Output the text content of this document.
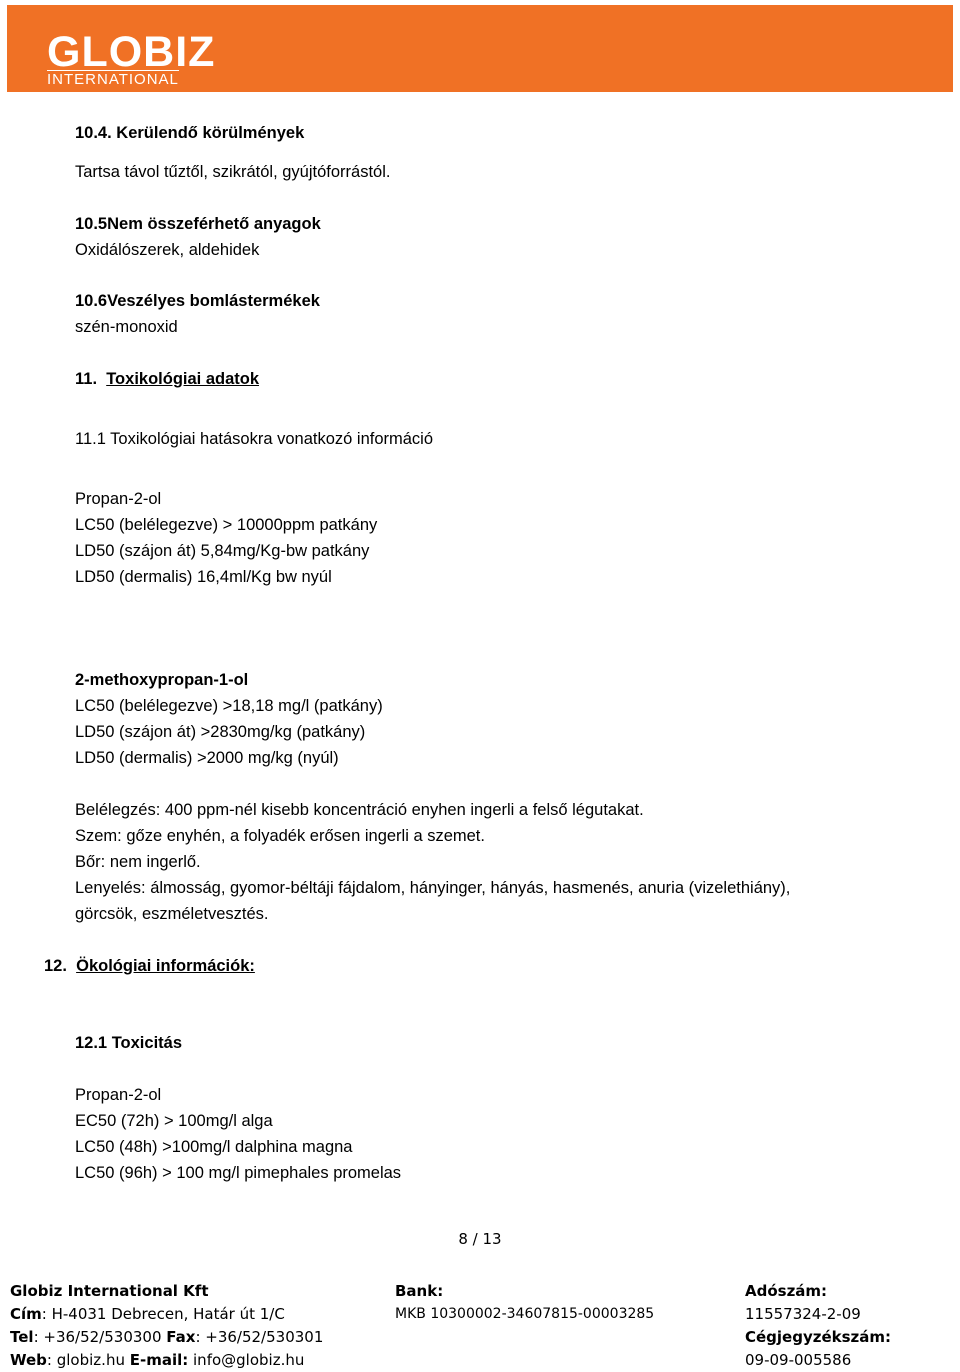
GLOBIZ
INTERNATIONAL
10.4. Kerülendő körülmények
Tartsa távol tűztől, szikrától, gyújtóforrástól.
10.5Nem összeférhető anyagok
Oxidálószerek, aldehidek
10.6Veszélyes bomlástermékek
szén-monoxid
11. Toxikológiai adatok
11.1 Toxikológiai hatásokra vonatkozó információ
Propan-2-ol
LC50 (belélegezve) > 10000ppm patkány
LD50 (szájon át) 5,84mg/Kg-bw patkány
LD50 (dermalis) 16,4ml/Kg bw nyúl
2-methoxypropan-1-ol
LC50 (belélegezve) >18,18 mg/l (patkány)
LD50 (szájon át) >2830mg/kg (patkány)
LD50 (dermalis) >2000 mg/kg (nyúl)
Belélegzés: 400 ppm-nél kisebb koncentráció enyhen ingerli a felső légutakat.
Szem: gőze enyhén, a folyadék erősen ingerli a szemet.
Bőr: nem ingerlő.
Lenyelés: álmosság, gyomor-béltáji fájdalom, hányinger, hányás, hasmenés, anuria (vizelethiány),
görcsök, eszméletvesztés.
12. Ökológiai információk:
12.1 Toxicitás
Propan-2-ol
EC50 (72h) > 100mg/l alga
LC50 (48h) >100mg/l dalphina magna
LC50 (96h) > 100 mg/l pimephales promelas
8 / 13
Globiz International Kft
Cím: H-4031 Debrecen, Határ út 1/C
Tel: +36/52/530300 Fax: +36/52/530301
Web: globiz.hu E-mail: info@globiz.hu
Bank:
MKB 10300002-34607815-00003285
Adószám:
11557324-2-09
Cégjegyzékszám:
09-09-005586
